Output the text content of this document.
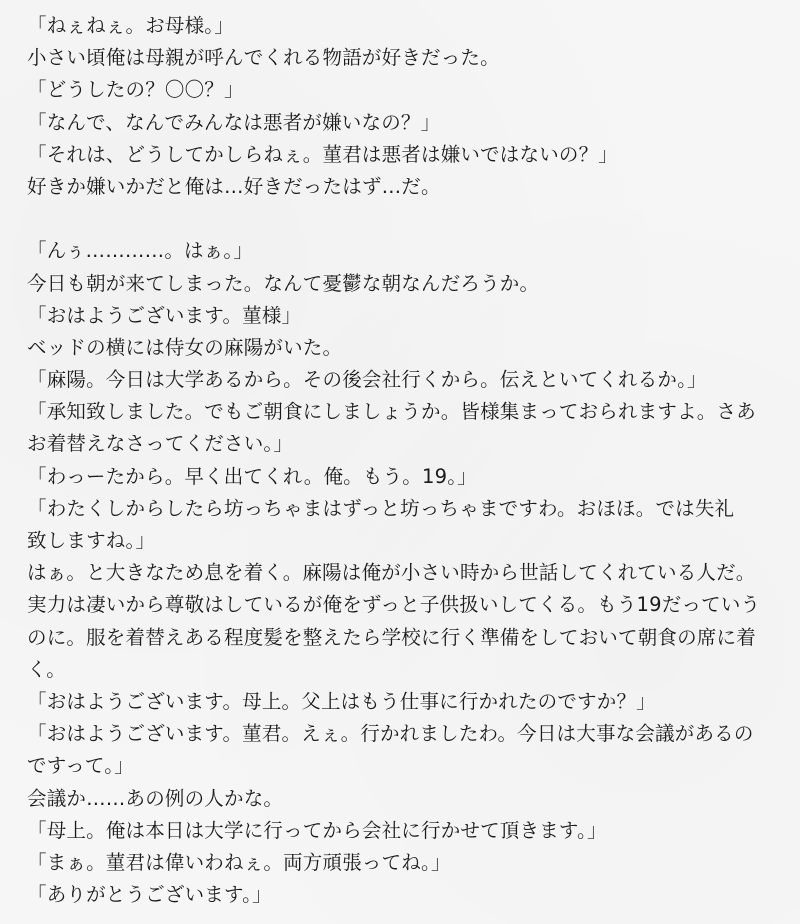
「ねぇねぇ。お母様。」
小さい頃俺は母親が呼んでくれる物語が好きだった。
「どうしたの？〇〇？」
「なんで、なんでみんなは悪者が嫌いなの？」
「それは、どうしてかしらねぇ。菫君は悪者は嫌いではないの？」
好きか嫌いかだと俺は…好きだったはず…だ。
「んぅ…………。はぁ。」
今日も朝が来てしまった。なんて憂鬱な朝なんだろうか。
「おはようございます。菫様」
ベッドの横には侍女の麻陽がいた。
「麻陽。今日は大学あるから。その後会社行くから。伝えといてくれるか。」
「承知致しました。でもご朝食にしましょうか。皆様集まっておられますよ。さあ
お着替えなさってください。」
「わっーたから。早く出てくれ。俺。もう。19。」
「わたくしからしたら坊っちゃまはずっと坊っちゃまですわ。おほほ。では失礼
致しますね。」
はぁ。と大きなため息を着く。麻陽は俺が小さい時から世話してくれている人だ。
実力は凄いから尊敬はしているが俺をずっと子供扱いしてくる。もう19だっていう
のに。服を着替えある程度髪を整えたら学校に行く準備をしておいて朝食の席に着
く。
「おはようございます。母上。父上はもう仕事に行かれたのですか？」
「おはようございます。菫君。えぇ。行かれましたわ。今日は大事な会議があるの
ですって。」
会議か……あの例の人かな。
「母上。俺は本日は大学に行ってから会社に行かせて頂きます。」
「まぁ。菫君は偉いわねぇ。両方頑張ってね。」
「ありがとうございます。」
